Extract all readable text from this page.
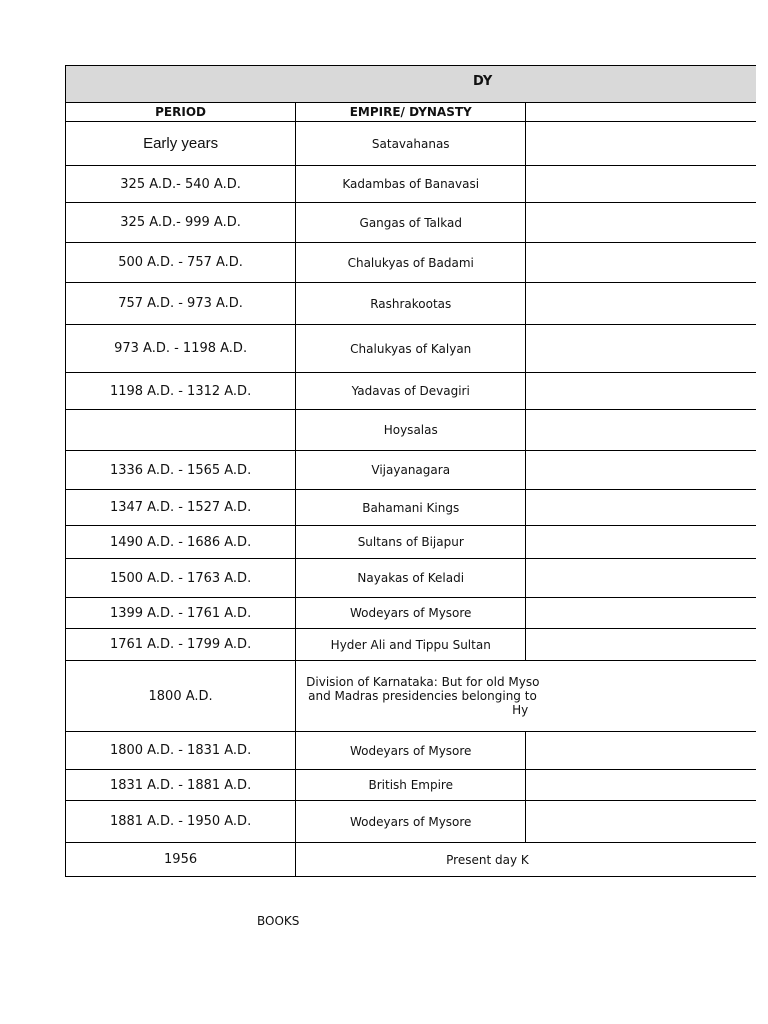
DY

PERIOD	EMPIRE/ DYNASTY	
Early years	Satavahanas	
325 A.D.- 540 A.D.	Kadambas of Banavasi	
325 A.D.- 999 A.D.	Gangas of Talkad	
500 A.D. - 757 A.D.	Chalukyas of Badami	
757 A.D. - 973 A.D.	Rashrakootas	
973 A.D. - 1198 A.D.	Chalukyas of Kalyan	
1198 A.D. - 1312 A.D.	Yadavas of Devagiri	
	Hoysalas	
1336 A.D. - 1565 A.D.	Vijayanagara	
1347 A.D. - 1527 A.D.	Bahamani Kings	
1490 A.D. - 1686 A.D.	Sultans of Bijapur	
1500 A.D. - 1763 A.D.	Nayakas of Keladi	
1399 A.D. - 1761 A.D.	Wodeyars of Mysore	
1761 A.D. - 1799 A.D.	Hyder Ali and Tippu Sultan	
1800 A.D.	Division of Karnataka: But for old Myso
and Madras presidencies belonging to
Hy	

1800 A.D. - 1831 A.D.	Wodeyars of Mysore	
1831 A.D. - 1881 A.D.	British Empire	
1881 A.D. - 1950 A.D.	Wodeyars of Mysore	
1956	Present day K	
BOOKS
